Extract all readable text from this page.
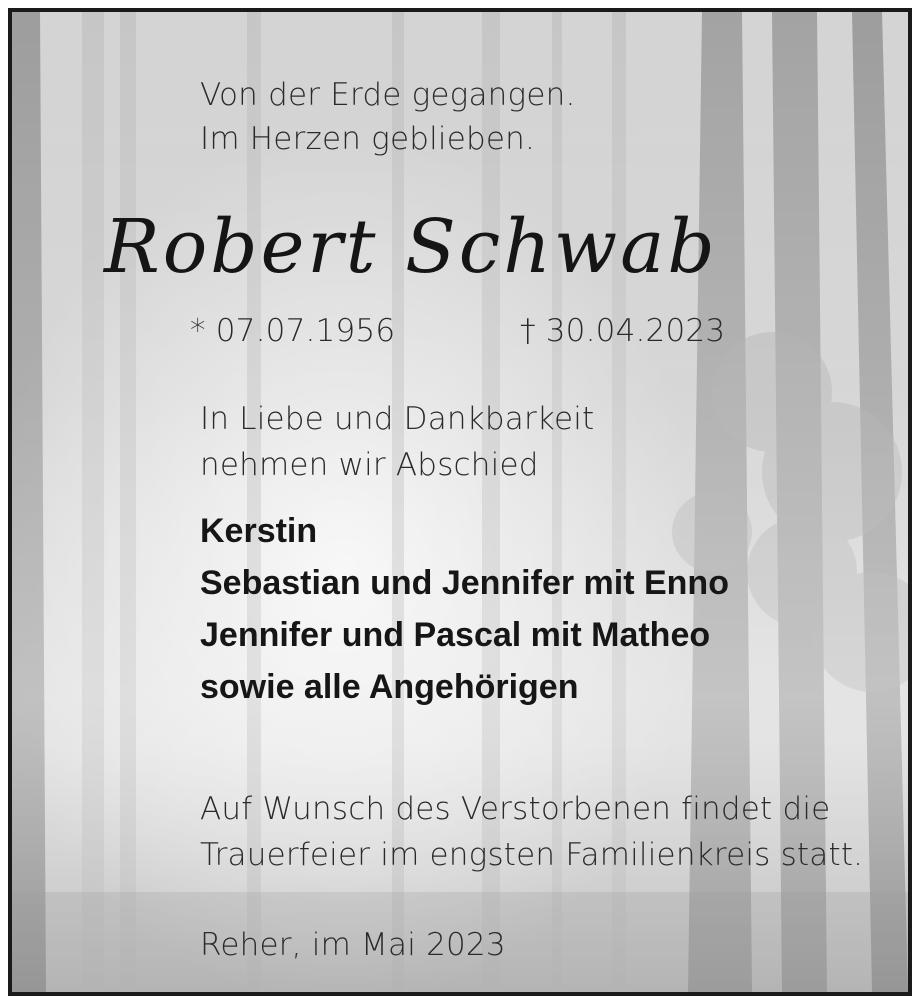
Von der Erde gegangen.
Im Herzen geblieben.
Robert Schwab
* 07.07.1956	† 30.04.2023
In Liebe und Dankbarkeit
nehmen wir Abschied
Kerstin
Sebastian und Jennifer mit Enno
Jennifer und Pascal mit Matheo
sowie alle Angehörigen
Auf Wunsch des Verstorbenen findet die
Trauerfeier im engsten Familienkreis statt.
Reher, im Mai 2023
